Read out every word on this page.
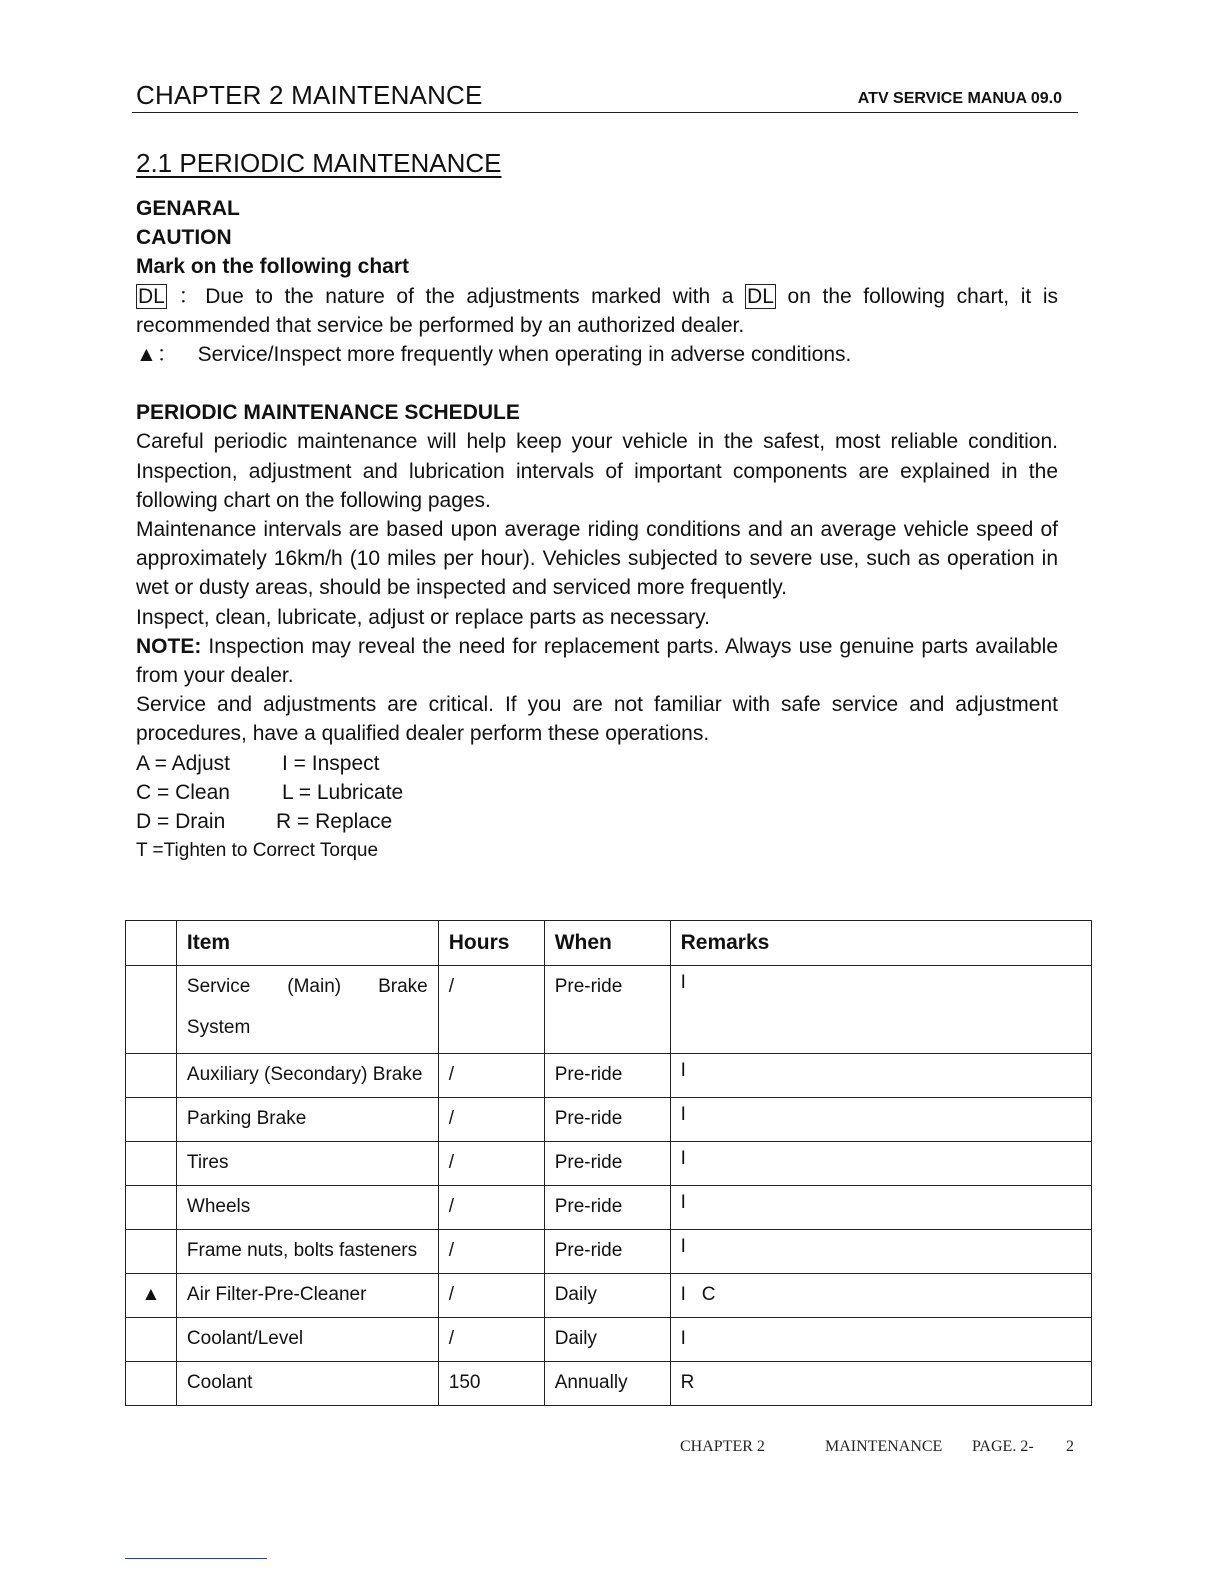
CHAPTER 2 MAINTENANCE	ATV SERVICE MANUA 09.0
2.1 PERIODIC MAINTENANCE
GENARAL
CAUTION
Mark on the following chart
DL ：Due to the nature of the adjustments marked with a DL on the following chart, it is recommended that service be performed by an authorized dealer.
▲： Service/Inspect more frequently when operating in adverse conditions.
PERIODIC MAINTENANCE SCHEDULE
Careful periodic maintenance will help keep your vehicle in the safest, most reliable condition. Inspection, adjustment and lubrication intervals of important components are explained in the following chart on the following pages.
Maintenance intervals are based upon average riding conditions and an average vehicle speed of approximately 16km/h (10 miles per hour). Vehicles subjected to severe use, such as operation in wet or dusty areas, should be inspected and serviced more frequently.
Inspect, clean, lubricate, adjust or replace parts as necessary.
NOTE: Inspection may reveal the need for replacement parts. Always use genuine parts available from your dealer.
Service and adjustments are critical. If you are not familiar with safe service and adjustment procedures, have a qualified dealer perform these operations.
A = Adjust I = Inspect
C = Clean L = Lubricate
D = Drain R = Replace
T =Tighten to Correct Torque
	Item	Hours	When	Remarks

	Service (Main) Brake
System	/	Pre-ride	I
	Auxiliary (Secondary) Brake	/	Pre-ride	I
	Parking Brake	/	Pre-ride	I
	Tires	/	Pre-ride	I
	Wheels	/	Pre-ride	I
	Frame nuts, bolts fasteners	/	Pre-ride	I
▲	Air Filter-Pre-Cleaner	/	Daily	I   C
	Coolant/Level	/	Daily	I
	Coolant	150	Annually	R
CHAPTER 2	MAINTENANCE PAGE. 2- 2
